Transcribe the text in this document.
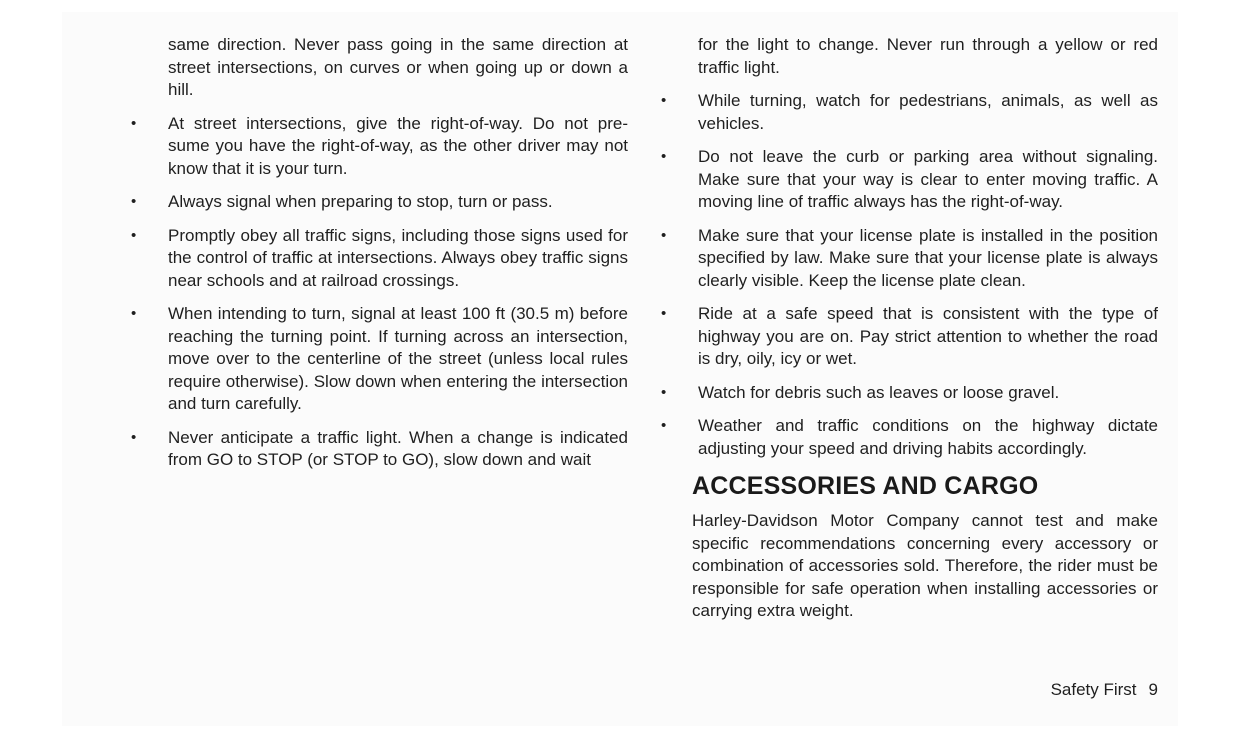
same direction. Never pass going in the same direction at street intersections, on curves or when going up or down a hill.

• At street intersections, give the right-of-way. Do not pre-sume you have the right-of-way, as the other driver may not know that it is your turn.
• Always signal when preparing to stop, turn or pass.
• Promptly obey all traffic signs, including those signs used for the control of traffic at intersections. Always obey traffic signs near schools and at railroad crossings.
• When intending to turn, signal at least 100 ft (30.5 m) before reaching the turning point. If turning across an intersection, move over to the centerline of the street (unless local rules require otherwise). Slow down when entering the intersection and turn carefully.
• Never anticipate a traffic light. When a change is indicated from GO to STOP (or STOP to GO), slow down and wait

for the light to change. Never run through a yellow or red traffic light.

• While turning, watch for pedestrians, animals, as well as vehicles.
• Do not leave the curb or parking area without signaling. Make sure that your way is clear to enter moving traffic. A moving line of traffic always has the right-of-way.
• Make sure that your license plate is installed in the position specified by law. Make sure that your license plate is always clearly visible. Keep the license plate clean.
• Ride at a safe speed that is consistent with the type of highway you are on. Pay strict attention to whether the road is dry, oily, icy or wet.
• Watch for debris such as leaves or loose gravel.
• Weather and traffic conditions on the highway dictate adjusting your speed and driving habits accordingly.
ACCESSORIES AND CARGO

Harley-Davidson Motor Company cannot test and make specific recommendations concerning every accessory or combination of accessories sold. Therefore, the rider must be responsible for safe operation when installing accessories or carrying extra weight.

Safety First 9
